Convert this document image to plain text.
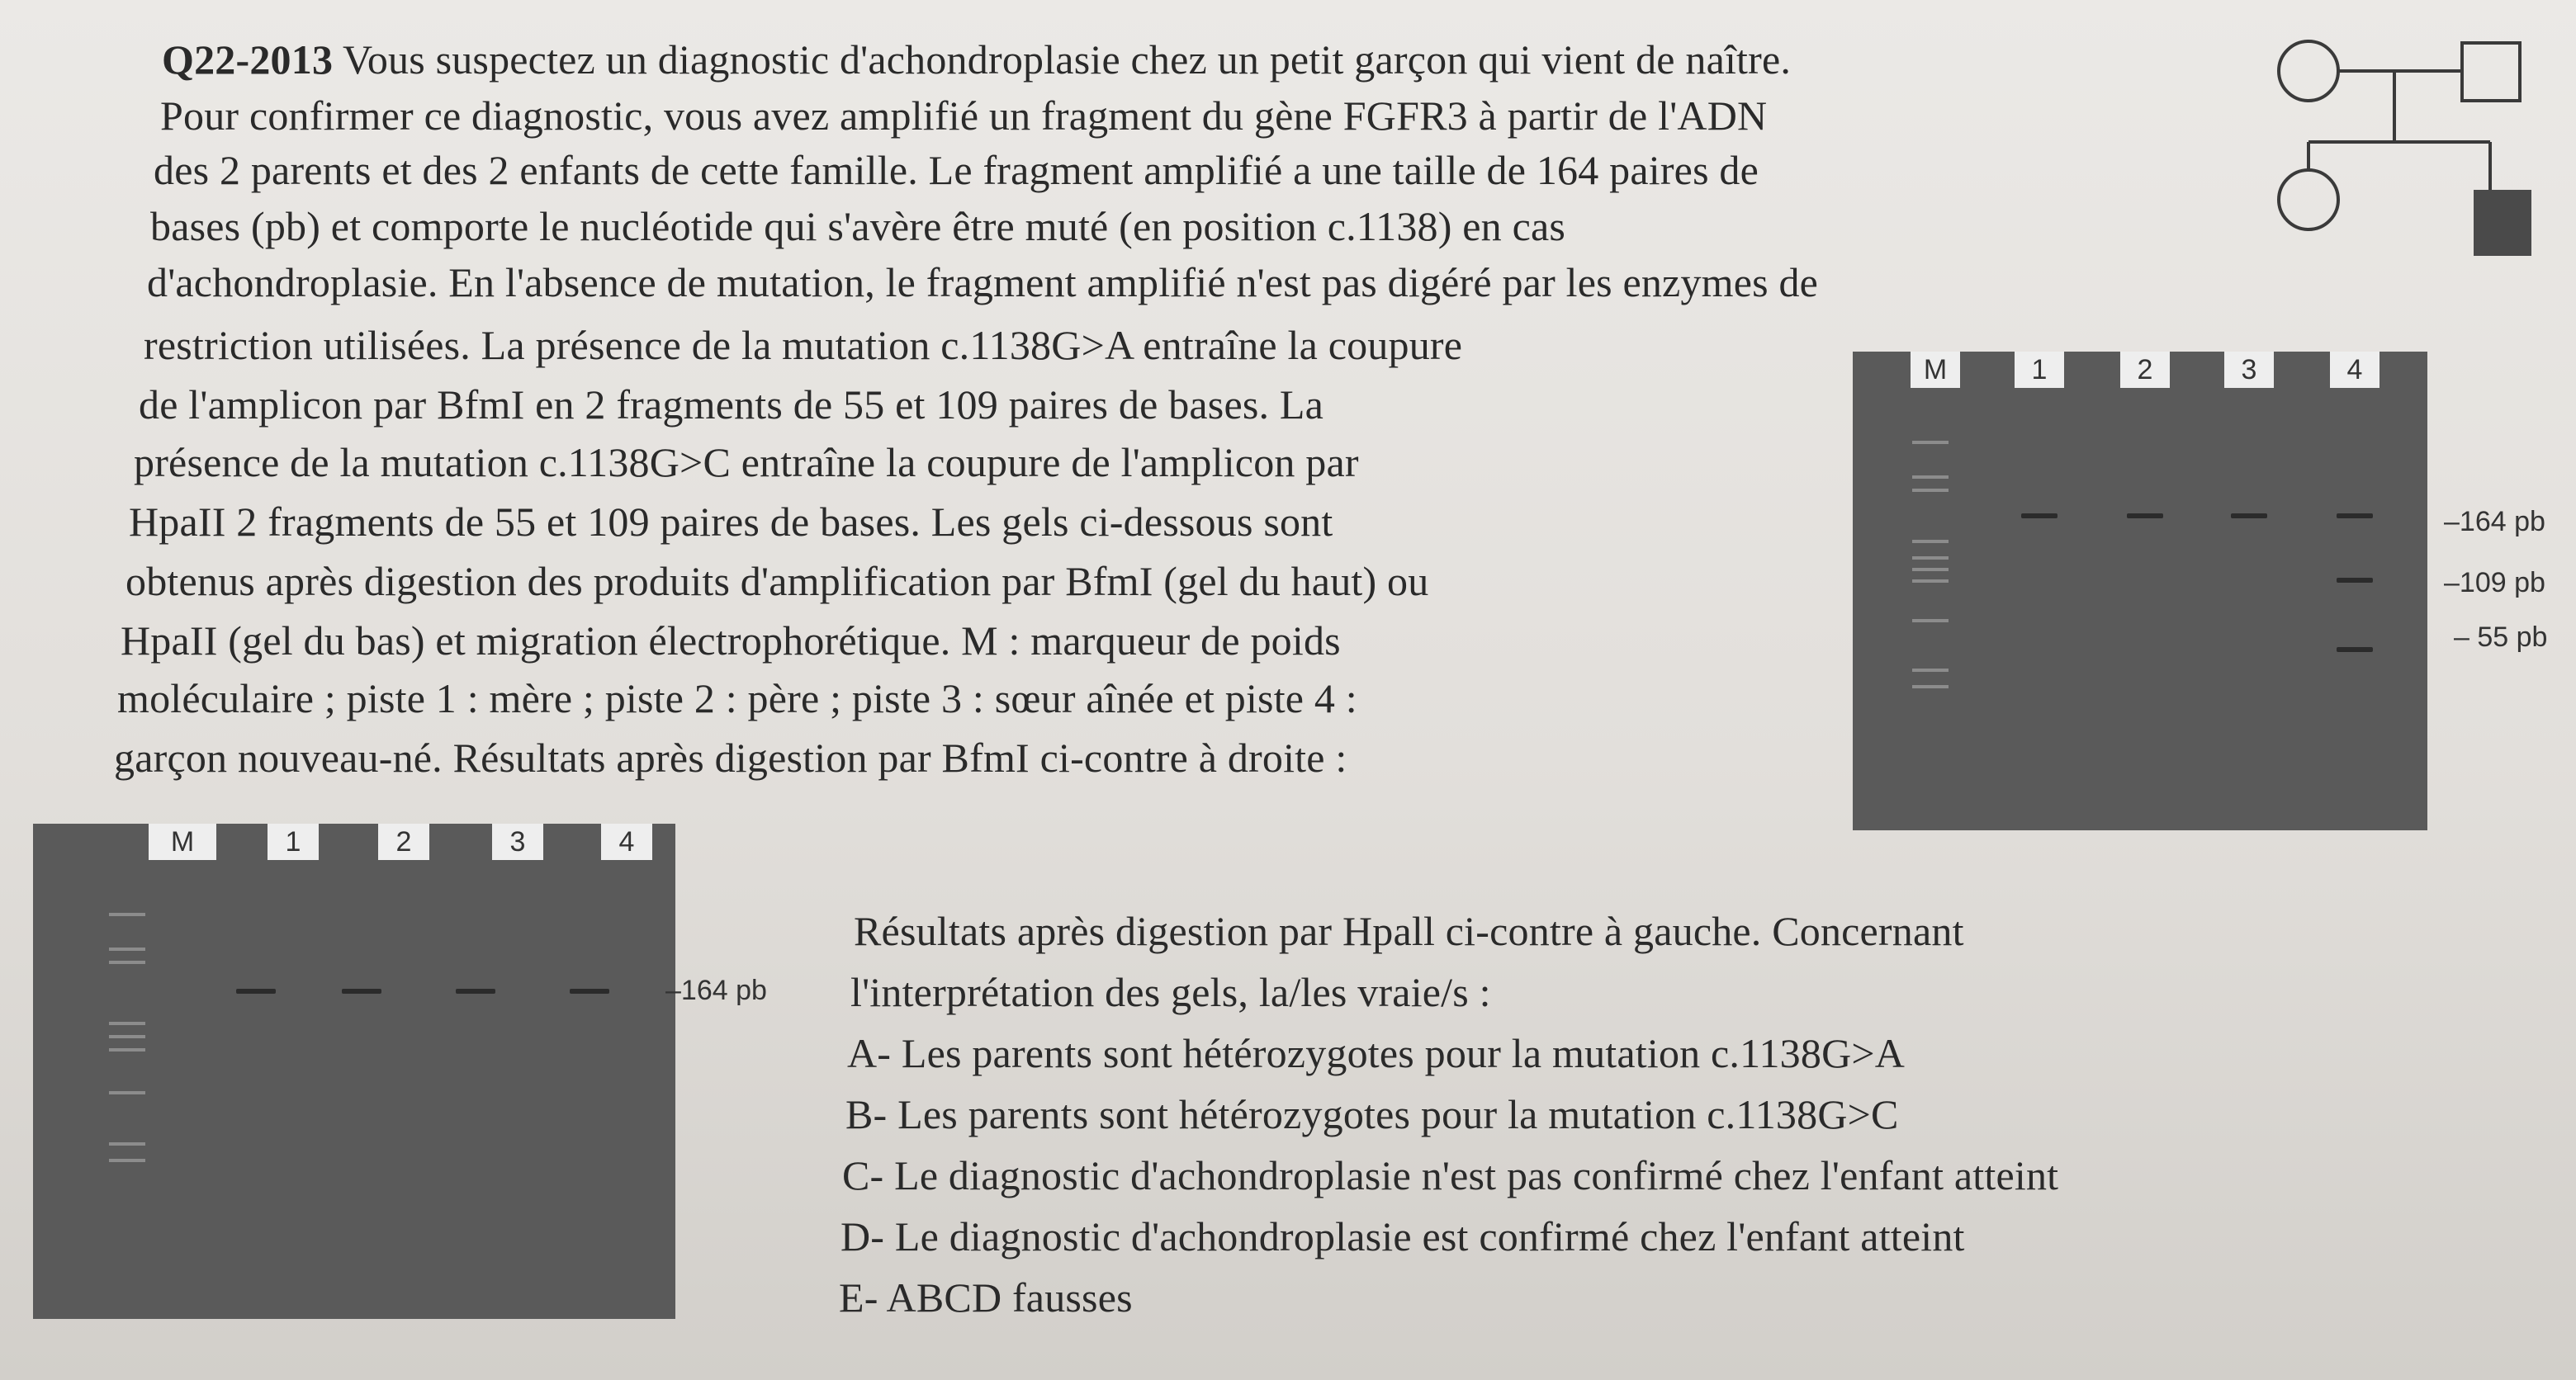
Q22-2013 Vous suspectez un diagnostic d'achondroplasie chez un petit garçon qui vient de naître.
Pour confirmer ce diagnostic, vous avez amplifié un fragment du gène FGFR3 à partir de l'ADN
des 2 parents et des 2 enfants de cette famille. Le fragment amplifié a une taille de 164 paires de
bases (pb) et comporte le nucléotide qui s'avère être muté (en position c.1138) en cas
d'achondroplasie. En l'absence de mutation, le fragment amplifié n'est pas digéré par les enzymes de
restriction utilisées. La présence de la mutation c.1138G>A entraîne la coupure
de l'amplicon par BfmI en 2 fragments de 55 et 109 paires de bases. La
présence de la mutation c.1138G>C entraîne la coupure de l'amplicon par
HpaII 2 fragments de 55 et 109 paires de bases. Les gels ci-dessous sont
obtenus après digestion des produits d'amplification par BfmI (gel du haut) ou
HpaII (gel du bas) et migration électrophorétique. M : marqueur de poids
moléculaire ; piste 1 : mère ; piste 2 : père ; piste 3 : sœur aînée et piste 4 :
garçon nouveau-né. Résultats après digestion par BfmI ci-contre à droite :
M	1	2	3	4
–164 pb
–109 pb
– 55 pb
M	1	2	3	4
–164 pb
Résultats après digestion par Hpall ci-contre à gauche. Concernant
l'interprétation des gels, la/les vraie/s :
A- Les parents sont hétérozygotes pour la mutation c.1138G>A
B- Les parents sont hétérozygotes pour la mutation c.1138G>C
C- Le diagnostic d'achondroplasie n'est pas confirmé chez l'enfant atteint
D- Le diagnostic d'achondroplasie est confirmé chez l'enfant atteint
E- ABCD fausses
